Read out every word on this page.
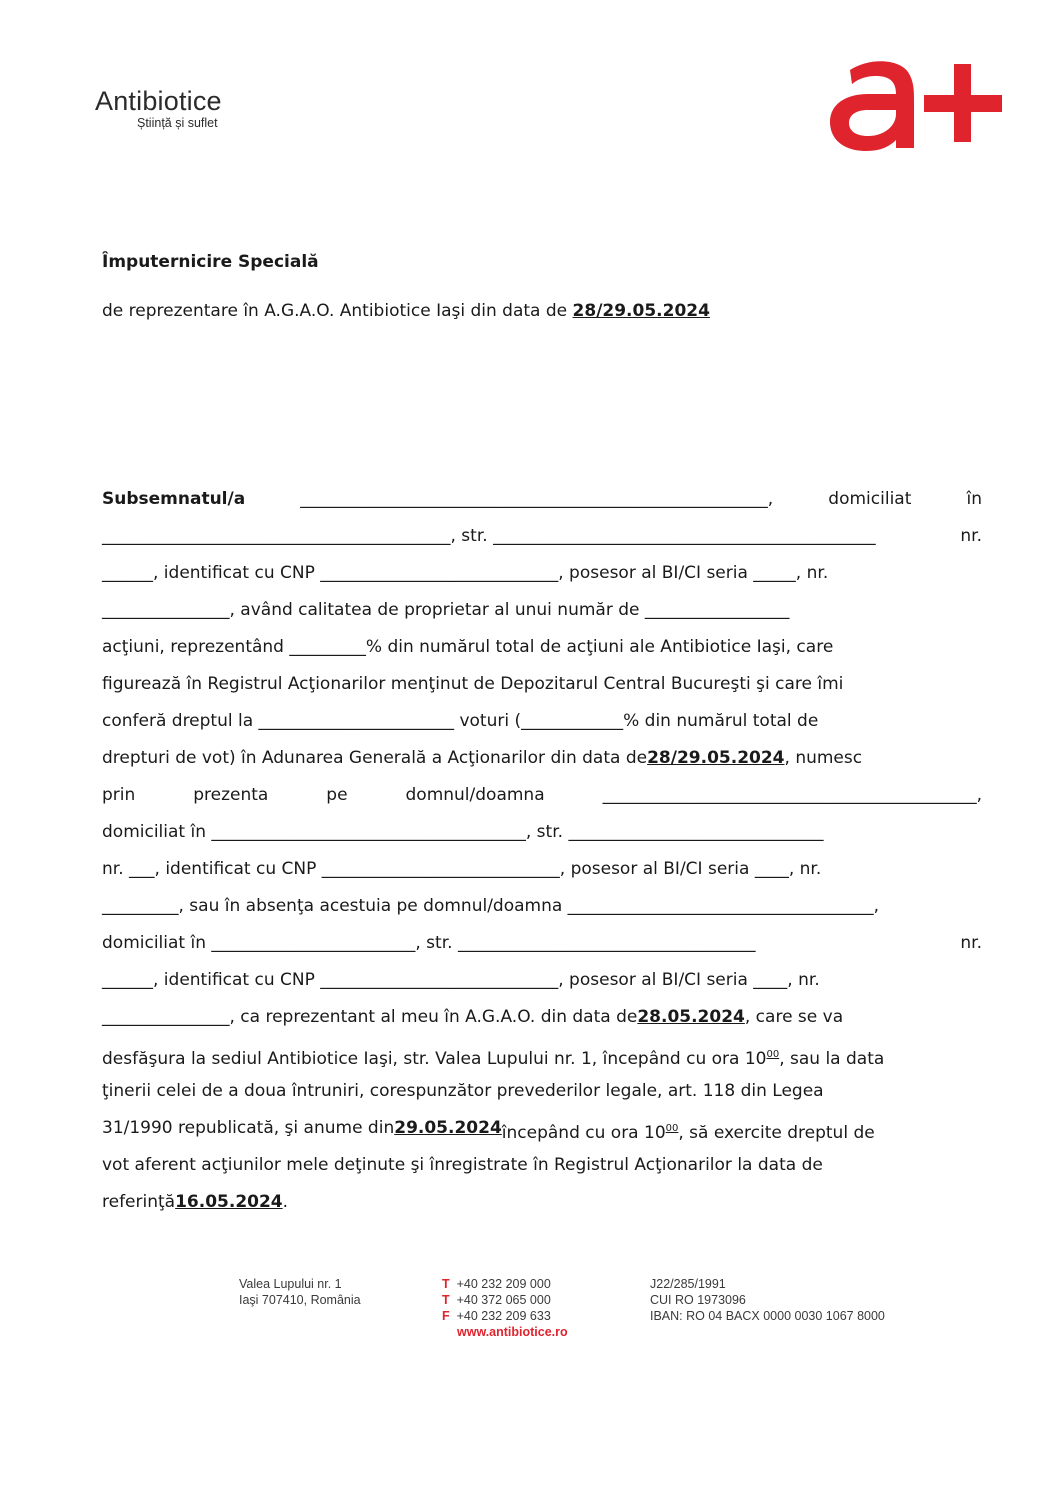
Antibiotice
Știință și suflet
Împuternicire Specială
de reprezentare în A.G.A.O. Antibiotice Iaşi din data de 28/29.05.2024
Subsemnatul/a	_______________________________________________________,	domiciliat	în
_________________________________________, str. _____________________________________________	nr.
______, identificat cu CNP ____________________________, posesor al BI/CI seria _____, nr.
_______________, având calitatea de proprietar al unui număr de _________________
acţiuni, reprezentând _________% din numărul total de acţiuni ale Antibiotice Iaşi, care
figurează în Registrul Acţionarilor menţinut de Depozitarul Central Bucureşti şi care îmi
conferă dreptul la _______________________ voturi (____________% din numărul total de
drepturi de vot) în Adunarea Generală a Acţionarilor din data de 28/29.05.2024 , numesc
prin	prezenta	pe	domnul/doamna	____________________________________________,
domiciliat în _____________________________________, str. ______________________________
nr. ___, identificat cu CNP ____________________________, posesor al BI/CI seria ____, nr.
_________, sau în absenţa acestuia pe domnul/doamna ____________________________________,
domiciliat în ________________________, str. ___________________________________	nr.
______, identificat cu CNP ____________________________, posesor al BI/CI seria ____, nr.
_______________, ca reprezentant al meu în A.G.A.O. din data de 28.05.2024 , care se va
desfăşura la sediul Antibiotice Iaşi, str. Valea Lupului nr. 1, începând cu ora $10^{00}$, sau la data
ţinerii celei de a doua întruniri, corespunzător prevederilor legale, art. 118 din Legea
31/1990 republicată, şi anume din 29.05.2024 începând cu ora $10^{00}$, să exercite dreptul de
vot aferent acţiunilor mele deţinute şi înregistrate în Registrul Acţionarilor la data de
referinţă 16.05.2024 .
Valea Lupului nr. 1
Iaşi 707410, România
T +40 232 209 000
T +40 372 065 000
F +40 232 209 633
www.antibiotice.ro
J22/285/1991
CUI RO 1973096
IBAN: RO 04 BACX 0000 0030 1067 8000
